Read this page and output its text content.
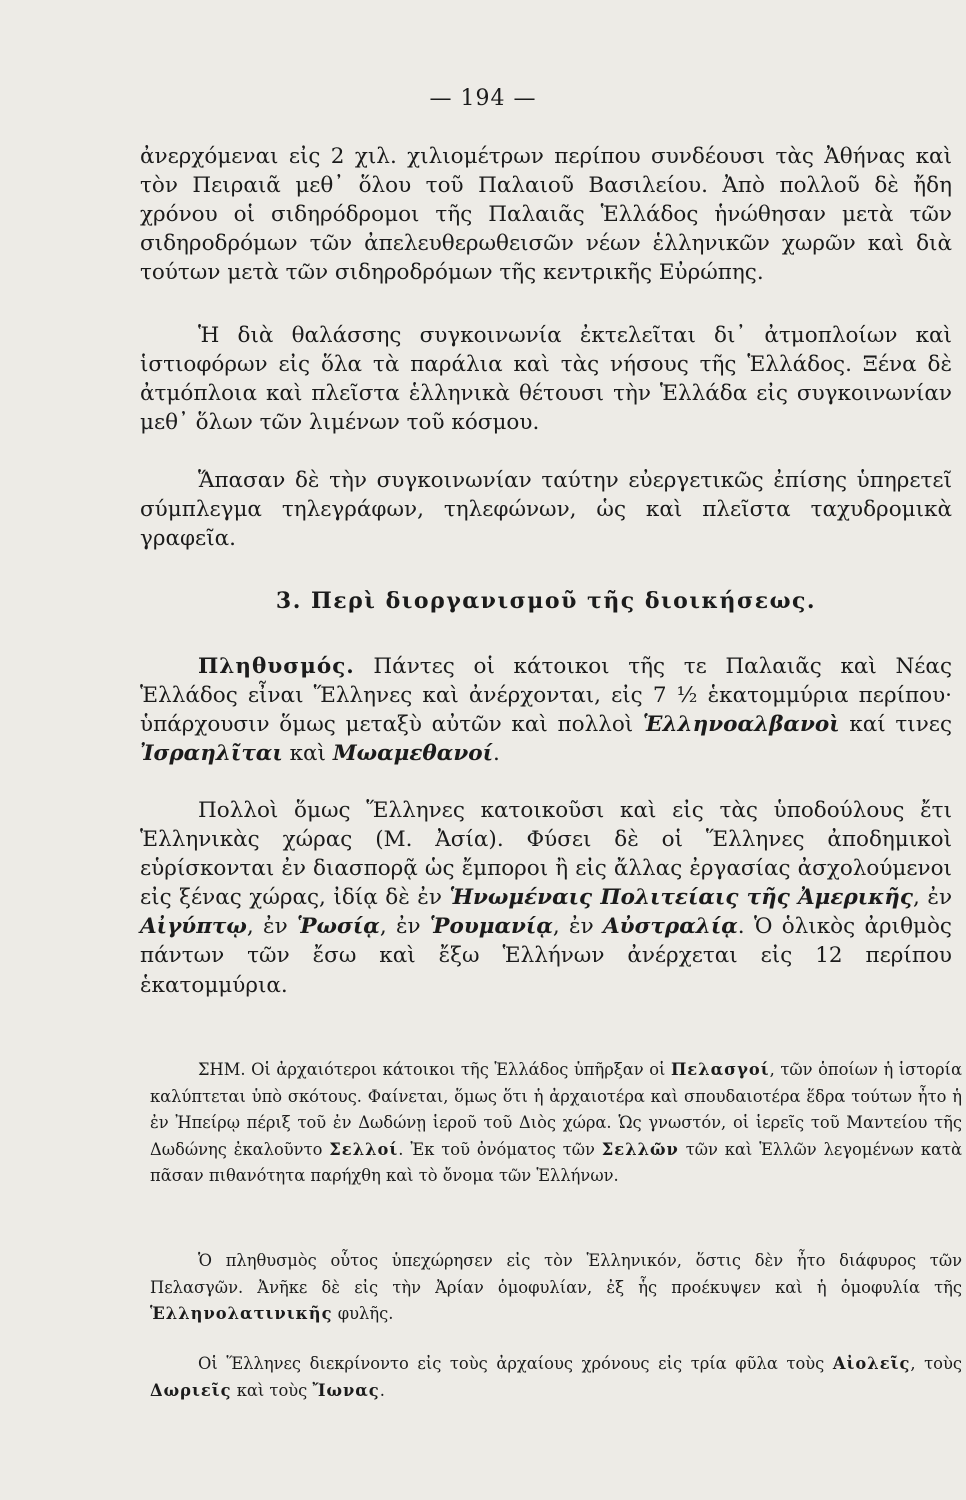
— 194 —

ἀνερχόμεναι εἰς 2 χιλ. χιλιομέτρων περίπου συνδέουσι τὰς Ἀθήνας καὶ τὸν Πειραιᾶ μεθ᾽ ὅλου τοῦ Παλαιοῦ Βασιλείου. Ἀπὸ πολλοῦ δὲ ἤδη χρόνου οἱ σιδηρόδρομοι τῆς Παλαιᾶς Ἑλλάδος ἡνώθησαν μετὰ τῶν σιδηροδρόμων τῶν ἀπελευθερωθεισῶν νέων ἑλληνικῶν χωρῶν καὶ διὰ τούτων μετὰ τῶν σιδηροδρόμων τῆς κεντρικῆς Εὐρώπης.

Ἡ διὰ θαλάσσης συγκοινωνία ἐκτελεῖται δι᾽ ἀτμοπλοίων καὶ ἱστιοφόρων εἰς ὅλα τὰ παράλια καὶ τὰς νήσους τῆς Ἑλλάδος. Ξένα δὲ ἀτμόπλοια καὶ πλεῖστα ἑλληνικὰ θέτουσι τὴν Ἑλλάδα εἰς συγκοινωνίαν μεθ᾽ ὅλων τῶν λιμένων τοῦ κόσμου.

Ἅπασαν δὲ τὴν συγκοινωνίαν ταύτην εὐεργετικῶς ἐπίσης ὑπηρετεῖ σύμπλεγμα τηλεγράφων, τηλεφώνων, ὡς καὶ πλεῖστα ταχυδρομικὰ γραφεῖα.

3. Περὶ διοργανισμοῦ τῆς διοικήσεως.

Πληθυσμός. Πάντες οἱ κάτοικοι τῆς τε Παλαιᾶς καὶ Νέας Ἑλλάδος εἶναι Ἕλληνες καὶ ἀνέρχονται, εἰς 7 ½ ἑκατομμύρια περίπου· ὑπάρχουσιν ὅμως μεταξὺ αὐτῶν καὶ πολλοὶ Ἑλληνοαλβανοὶ καί τινες Ἰσραηλῖται καὶ Μωαμεθανοί.

Πολλοὶ ὅμως Ἕλληνες κατοικοῦσι καὶ εἰς τὰς ὑποδούλους ἔτι Ἑλληνικὰς χώρας (Μ. Ἀσία). Φύσει δὲ οἱ Ἕλληνες ἀποδημικοὶ εὑρίσκονται ἐν διασπορᾷ ὡς ἔμποροι ἢ εἰς ἄλλας ἐργασίας ἀσχολούμενοι εἰς ξένας χώρας, ἰδίᾳ δὲ ἐν Ἡνωμέναις Πολιτείαις τῆς Ἀμερικῆς, ἐν Αἰγύπτῳ, ἐν Ῥωσίᾳ, ἐν Ῥουμανίᾳ, ἐν Αὐστραλίᾳ. Ὁ ὁλικὸς ἀριθμὸς πάντων τῶν ἔσω καὶ ἔξω Ἑλλήνων ἀνέρχεται εἰς 12 περίπου ἑκατομμύρια.

ΣΗΜ. Οἱ ἀρχαιότεροι κάτοικοι τῆς Ἑλλάδος ὑπῆρξαν οἱ Πελασγοί, τῶν ὁποίων ἡ ἱστορία καλύπτεται ὑπὸ σκότους. Φαίνεται, ὅμως ὅτι ἡ ἀρχαιοτέρα καὶ σπουδαιοτέρα ἕδρα τούτων ἦτο ἡ ἐν Ἠπείρῳ πέριξ τοῦ ἐν Δωδώνῃ ἱεροῦ τοῦ Διὸς χώρα. Ὡς γνωστόν, οἱ ἱερεῖς τοῦ Μαντείου τῆς Δωδώνης ἐκαλοῦντο Σελλοί. Ἐκ τοῦ ὀνόματος τῶν Σελλῶν τῶν καὶ Ἑλλῶν λεγομένων κατὰ πᾶσαν πιθανότητα παρήχθη καὶ τὸ ὄνομα τῶν Ἑλλήνων.

Ὁ πληθυσμὸς οὗτος ὑπεχώρησεν εἰς τὸν Ἑλληνικόν, ὅστις δὲν ἦτο διάφυρος τῶν Πελασγῶν. Ἀνῆκε δὲ εἰς τὴν Ἀρίαν ὁμοφυλίαν, ἐξ ἧς προέκυψεν καὶ ἡ ὁμοφυλία τῆς Ἑλληνολατινικῆς φυλῆς.

Οἱ Ἕλληνες διεκρίνοντο εἰς τοὺς ἀρχαίους χρόνους εἰς τρία φῦλα τοὺς Αἰολεῖς, τοὺς Δωριεῖς καὶ τοὺς Ἴωνας.
